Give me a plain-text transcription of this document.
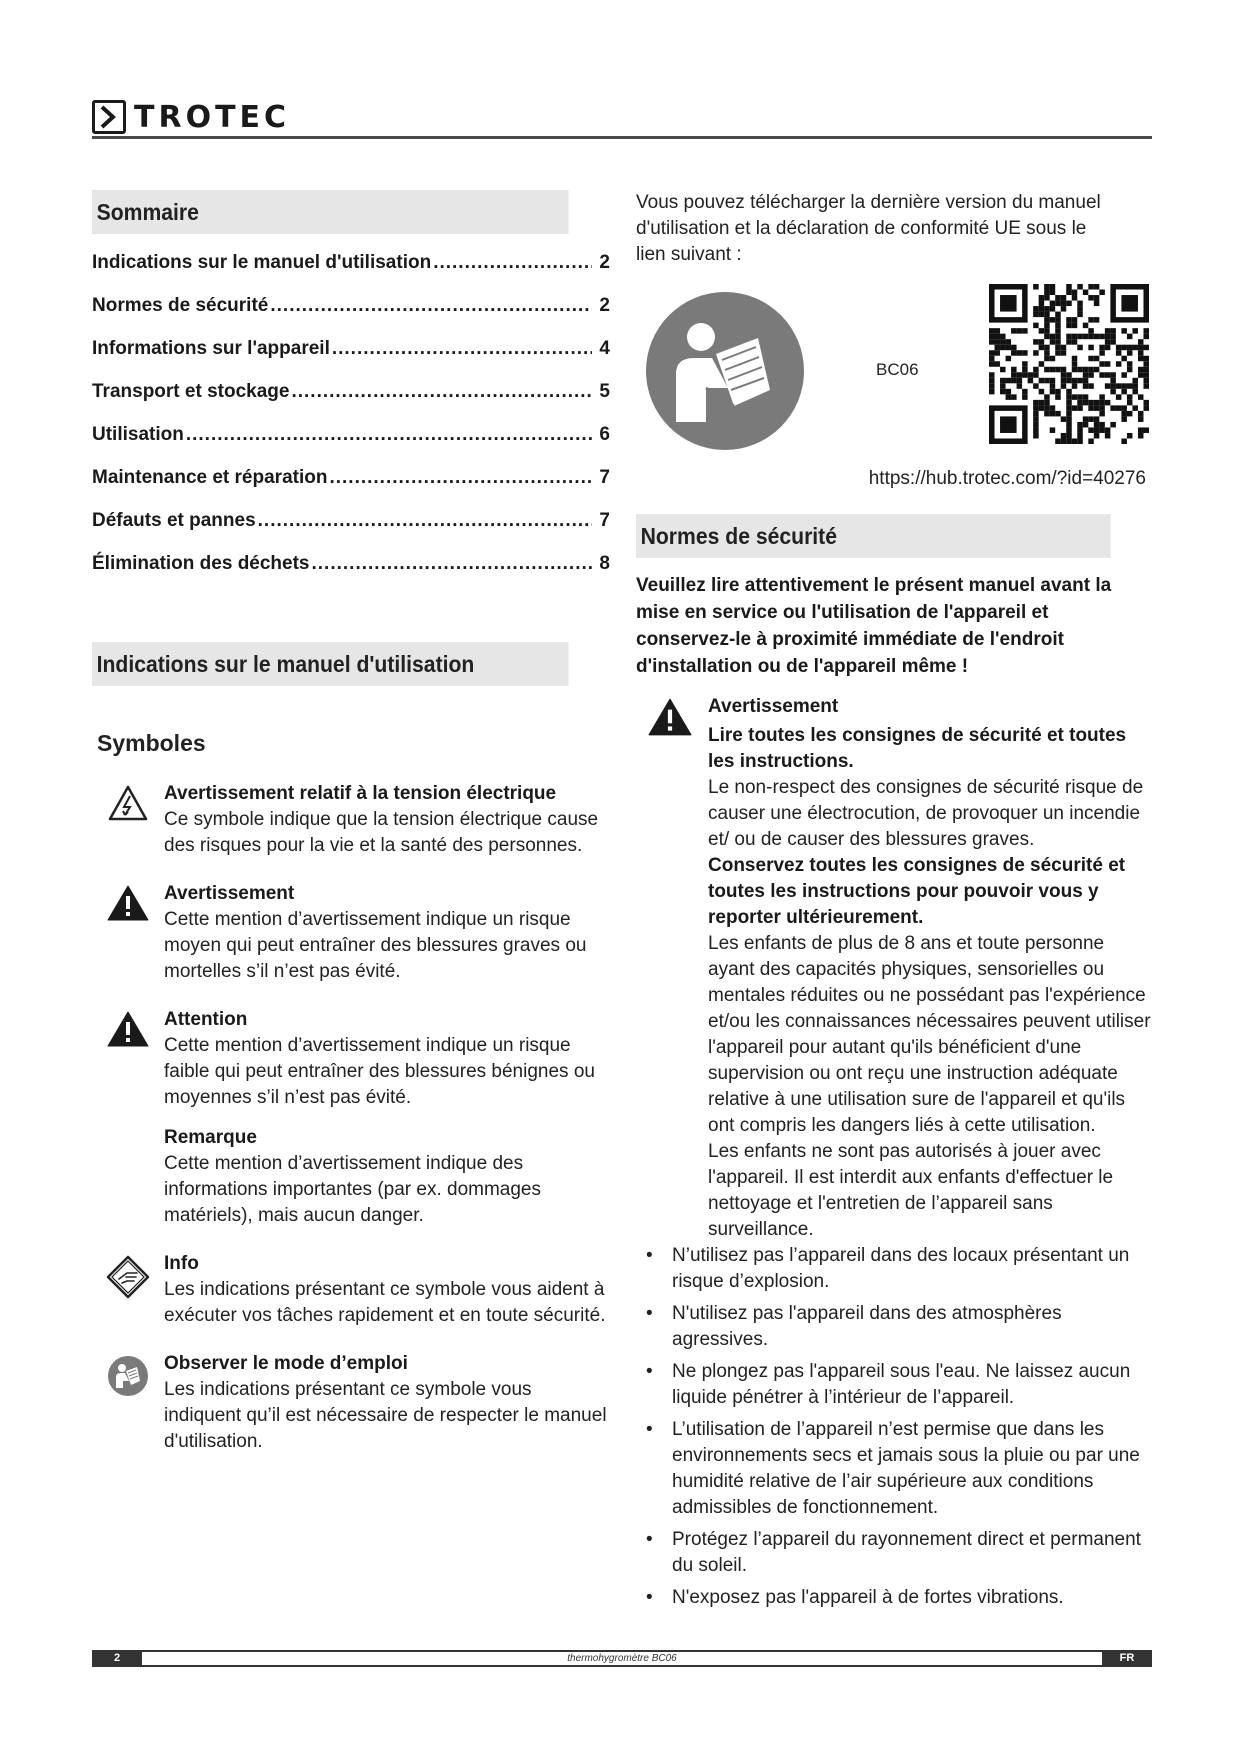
TROTEC
Sommaire
Indications sur le manuel d'utilisation .....	2
Normes de sécurité .....	2
Informations sur l'appareil .....	4
Transport et stockage .....	5
Utilisation .....	6
Maintenance et réparation .....	7
Défauts et pannes .....	7
Élimination des déchets .....	8
Indications sur le manuel d'utilisation
Symboles
Avertissement relatif à la tension électrique
Ce symbole indique que la tension électrique cause des risques pour la vie et la santé des personnes.
Avertissement
Cette mention d’avertissement indique un risque moyen qui peut entraîner des blessures graves ou mortelles s’il n’est pas évité.
Attention
Cette mention d’avertissement indique un risque faible qui peut entraîner des blessures bénignes ou moyennes s’il n’est pas évité.
Remarque
Cette mention d’avertissement indique des informations importantes (par ex. dommages matériels), mais aucun danger.
Info
Les indications présentant ce symbole vous aident à exécuter vos tâches rapidement et en toute sécurité.
Observer le mode d’emploi
Les indications présentant ce symbole vous indiquent qu’il est nécessaire de respecter le manuel d'utilisation.
Vous pouvez télécharger la dernière version du manuel d'utilisation et la déclaration de conformité UE sous le lien suivant :
BC06
https://hub.trotec.com/?id=40276
Normes de sécurité
Veuillez lire attentivement le présent manuel avant la mise en service ou l'utilisation de l'appareil et conservez-le à proximité immédiate de l'endroit d'installation ou de l'appareil même !
Avertissement
Lire toutes les consignes de sécurité et toutes les instructions.
Le non-respect des consignes de sécurité risque de causer une électrocution, de provoquer un incendie et/ ou de causer des blessures graves.
Conservez toutes les consignes de sécurité et toutes les instructions pour pouvoir vous y reporter ultérieurement.
Les enfants de plus de 8 ans et toute personne ayant des capacités physiques, sensorielles ou mentales réduites ou ne possédant pas l'expérience et/ou les connaissances nécessaires peuvent utiliser l'appareil pour autant qu'ils bénéficient d'une supervision ou ont reçu une instruction adéquate relative à une utilisation sure de l'appareil et qu'ils ont compris les dangers liés à cette utilisation.
Les enfants ne sont pas autorisés à jouer avec l'appareil. Il est interdit aux enfants d'effectuer le nettoyage et l'entretien de l’appareil sans surveillance.
• N’utilisez pas l’appareil dans des locaux présentant un risque d’explosion.
• N'utilisez pas l'appareil dans des atmosphères agressives.
• Ne plongez pas l'appareil sous l'eau. Ne laissez aucun liquide pénétrer à l’intérieur de l’appareil.
• L’utilisation de l’appareil n’est permise que dans les environnements secs et jamais sous la pluie ou par une humidité relative de l’air supérieure aux conditions admissibles de fonctionnement.
• Protégez l’appareil du rayonnement direct et permanent du soleil.
• N'exposez pas l'appareil à de fortes vibrations.
2	thermohygromètre BC06	FR
